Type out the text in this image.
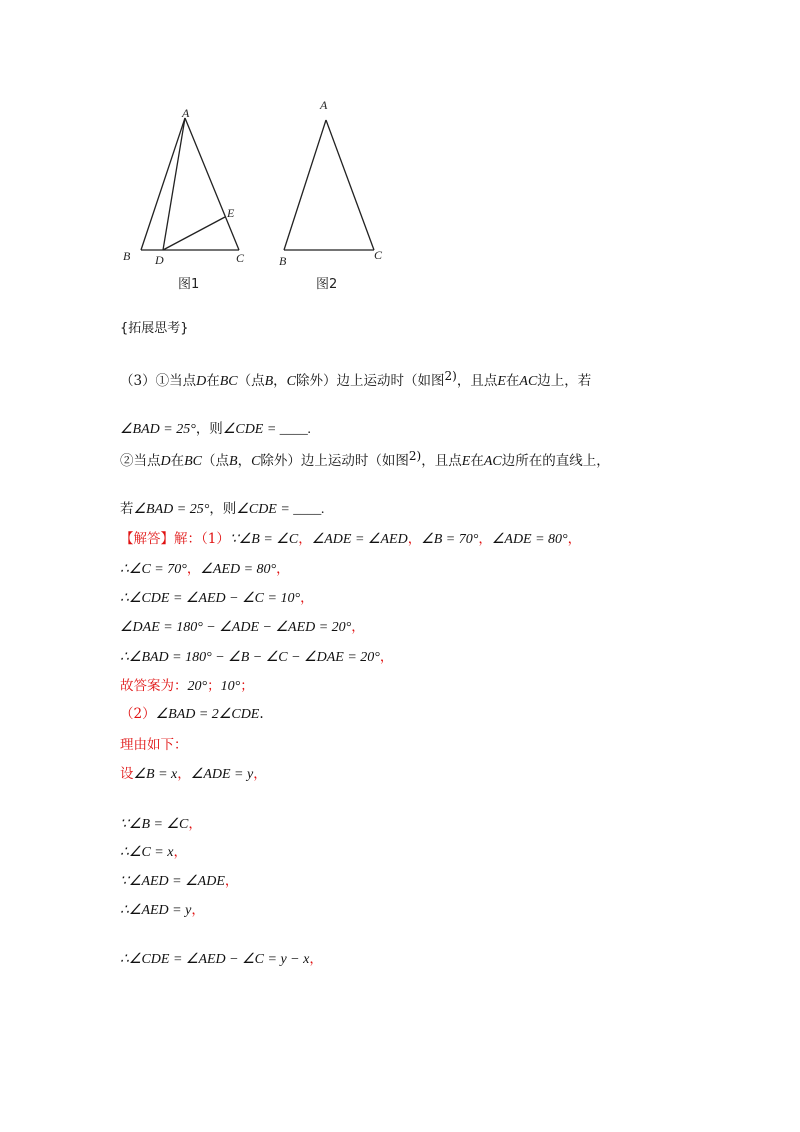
A
B	C
D
E
图1
A
B	C
图2
{拓展思考}
（3）①当点D在BC（点B，C除外）边上运动时（如图2)，且点E在AC边上，若
∠BAD = 25°，则∠CDE = ____.
②当点D在BC（点B，C除外）边上运动时（如图2)，且点E在AC边所在的直线上，
若∠BAD = 25°，则∠CDE = ____.
【解答】解：（1）∵∠B = ∠C，∠ADE = ∠AED，∠B = 70°，∠ADE = 80°，
∴∠C = 70°，∠AED = 80°，
∴∠CDE = ∠AED − ∠C = 10°，
∠DAE = 180° − ∠ADE − ∠AED = 20°，
∴∠BAD = 180° − ∠B − ∠C − ∠DAE = 20°，
故答案为：20°；10°；
（2）∠BAD = 2∠CDE.
理由如下：
设∠B = x，∠ADE = y，
∵∠B = ∠C，
∴∠C = x，
∵∠AED = ∠ADE，
∴∠AED = y，
∴∠CDE = ∠AED − ∠C = y − x，
